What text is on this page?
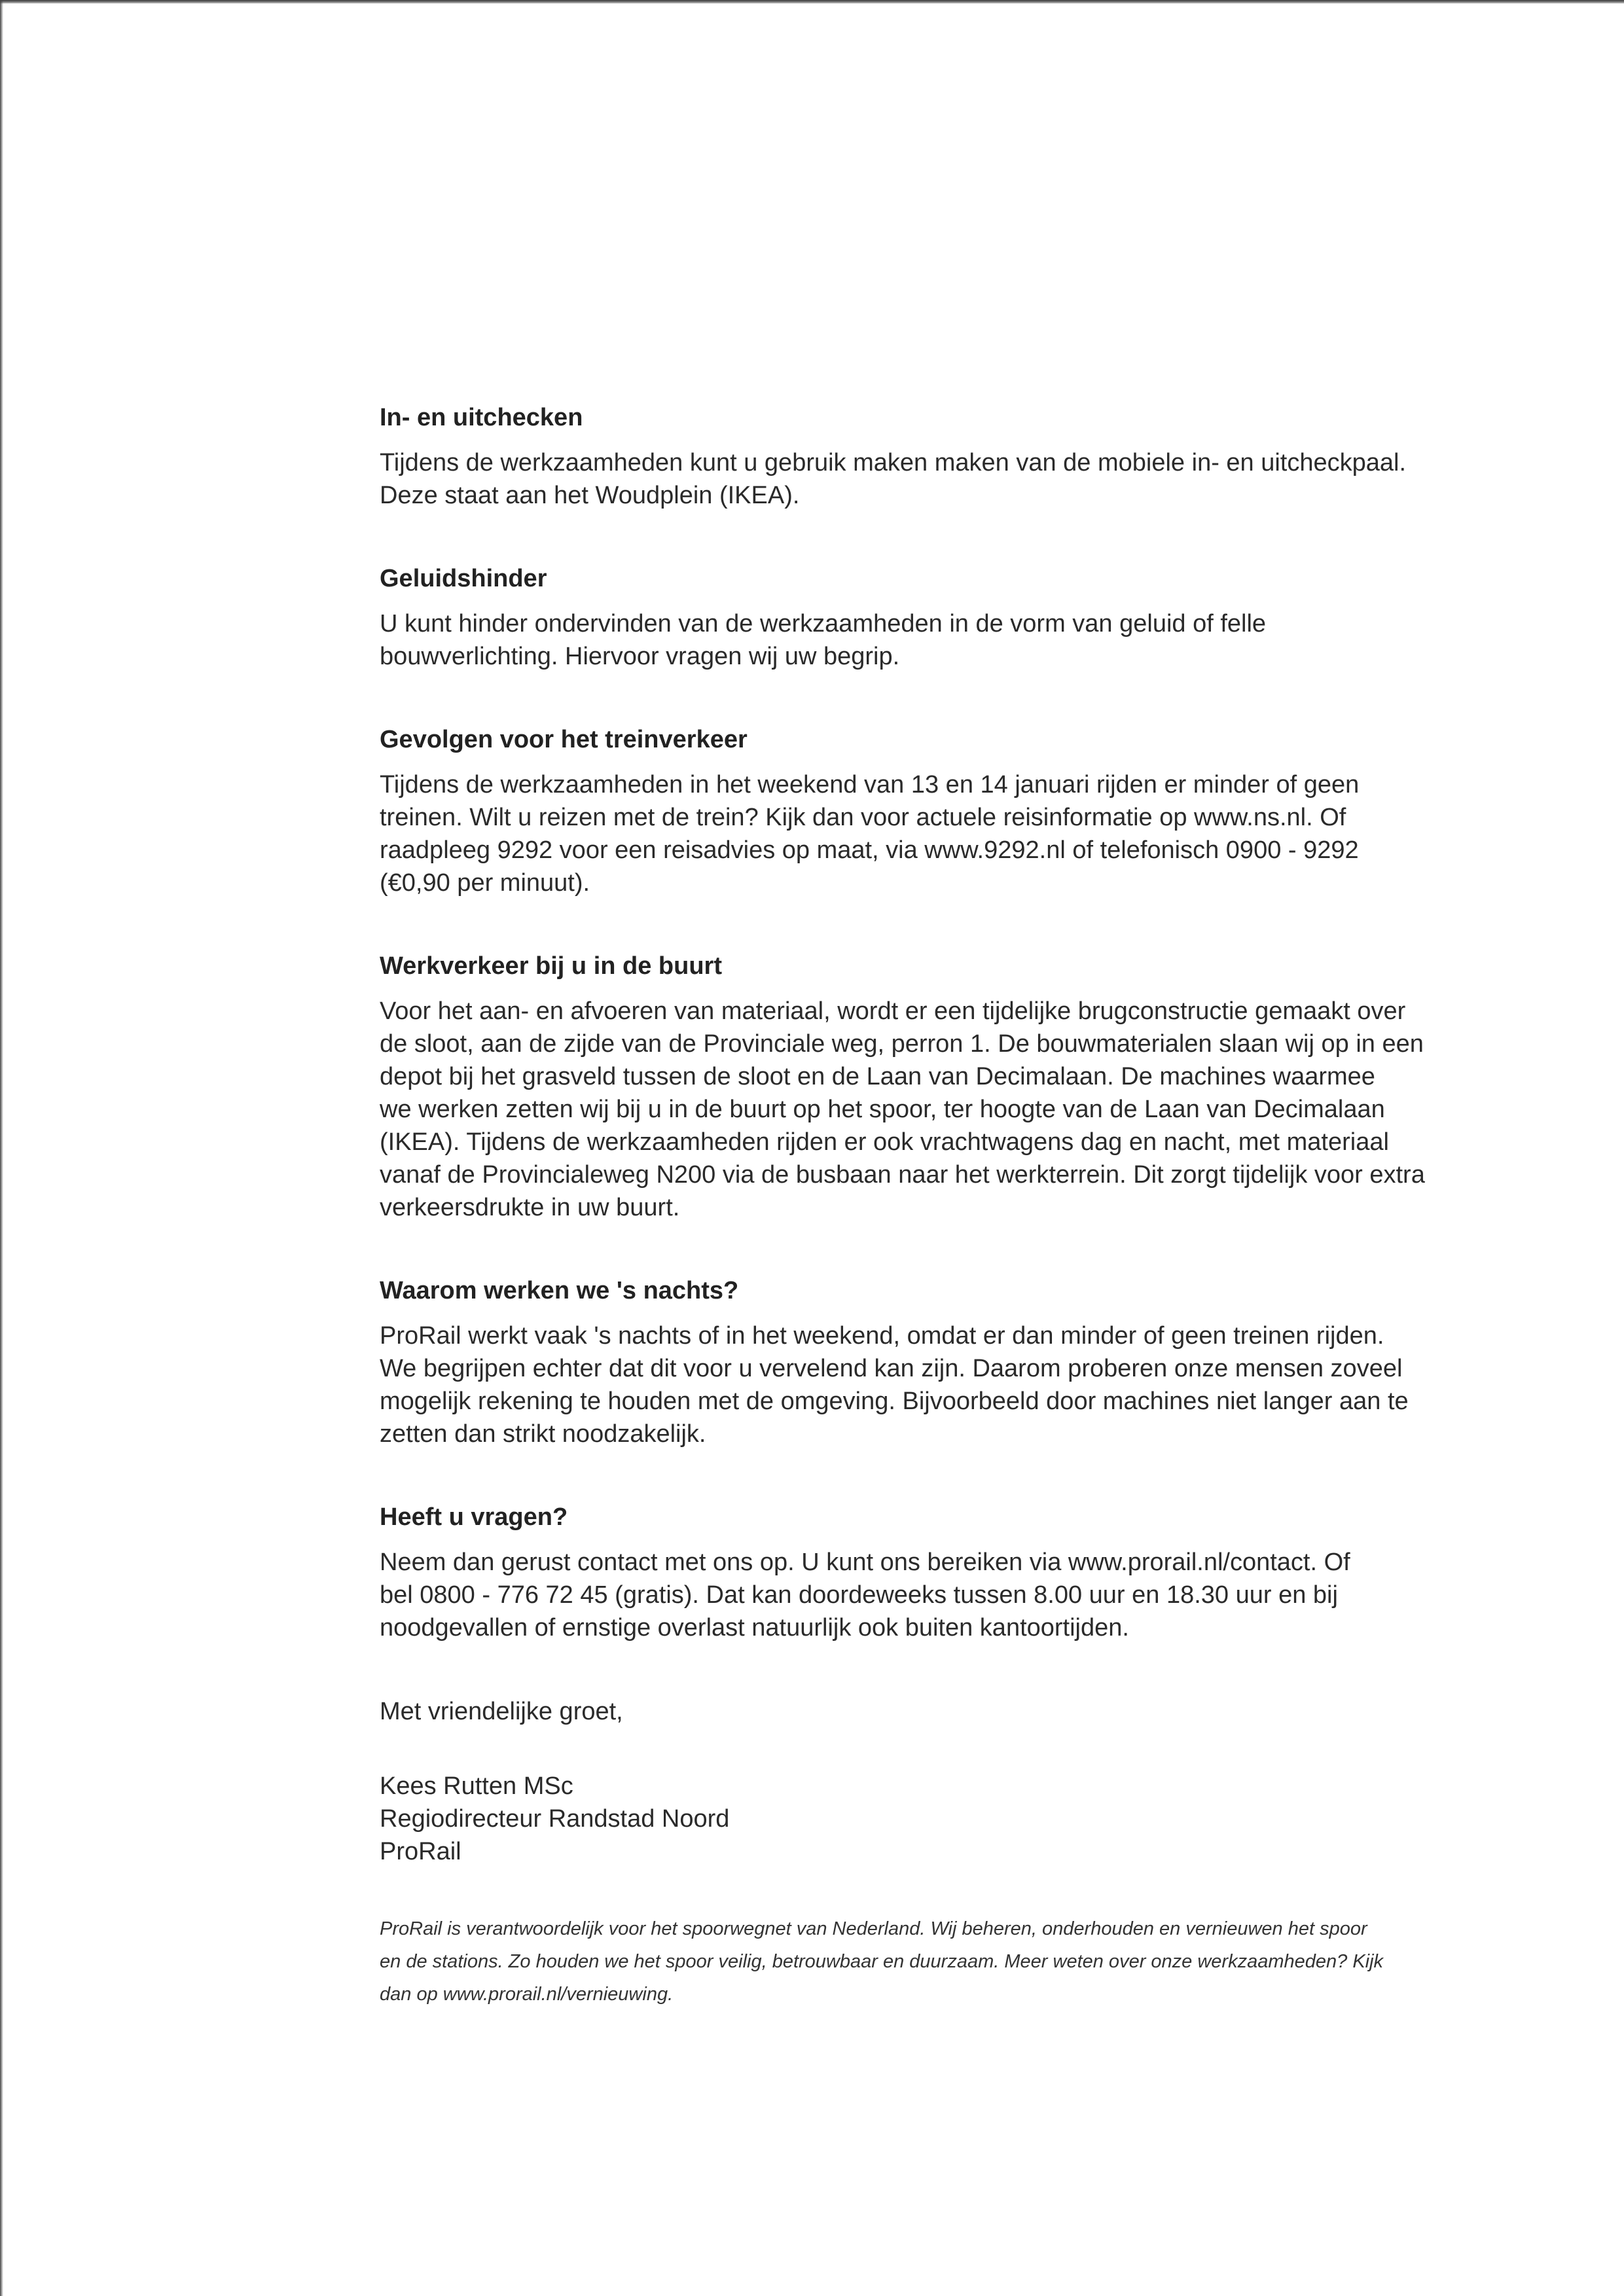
In- en uitchecken

Tijdens de werkzaamheden kunt u gebruik maken maken van de mobiele in- en uitcheckpaal.
Deze staat aan het Woudplein (IKEA).

Geluidshinder

U kunt hinder ondervinden van de werkzaamheden in de vorm van geluid of felle
bouwverlichting. Hiervoor vragen wij uw begrip.

Gevolgen voor het treinverkeer

Tijdens de werkzaamheden in het weekend van 13 en 14 januari rijden er minder of geen
treinen. Wilt u reizen met de trein? Kijk dan voor actuele reisinformatie op www.ns.nl. Of
raadpleeg 9292 voor een reisadvies op maat, via www.9292.nl of telefonisch 0900 - 9292
(€0,90 per minuut).

Werkverkeer bij u in de buurt

Voor het aan- en afvoeren van materiaal, wordt er een tijdelijke brugconstructie gemaakt over
de sloot, aan de zijde van de Provinciale weg, perron 1. De bouwmaterialen slaan wij op in een
depot bij het grasveld tussen de sloot en de Laan van Decimalaan. De machines waarmee
we werken zetten wij bij u in de buurt op het spoor, ter hoogte van de Laan van Decimalaan
(IKEA). Tijdens de werkzaamheden rijden er ook vrachtwagens dag en nacht, met materiaal
vanaf de Provincialeweg N200 via de busbaan naar het werkterrein. Dit zorgt tijdelijk voor extra
verkeersdrukte in uw buurt.

Waarom werken we 's nachts?

ProRail werkt vaak 's nachts of in het weekend, omdat er dan minder of geen treinen rijden.
We begrijpen echter dat dit voor u vervelend kan zijn. Daarom proberen onze mensen zoveel
mogelijk rekening te houden met de omgeving. Bijvoorbeeld door machines niet langer aan te
zetten dan strikt noodzakelijk.

Heeft u vragen?

Neem dan gerust contact met ons op. U kunt ons bereiken via www.prorail.nl/contact. Of
bel 0800 - 776 72 45 (gratis). Dat kan doordeweeks tussen 8.00 uur en 18.30 uur en bij
noodgevallen of ernstige overlast natuurlijk ook buiten kantoortijden.

Met vriendelijke groet,

Kees Rutten MSc
Regiodirecteur Randstad Noord
ProRail

ProRail is verantwoordelijk voor het spoorwegnet van Nederland. Wij beheren, onderhouden en vernieuwen het spoor
en de stations. Zo houden we het spoor veilig, betrouwbaar en duurzaam. Meer weten over onze werkzaamheden? Kijk
dan op www.prorail.nl/vernieuwing.
